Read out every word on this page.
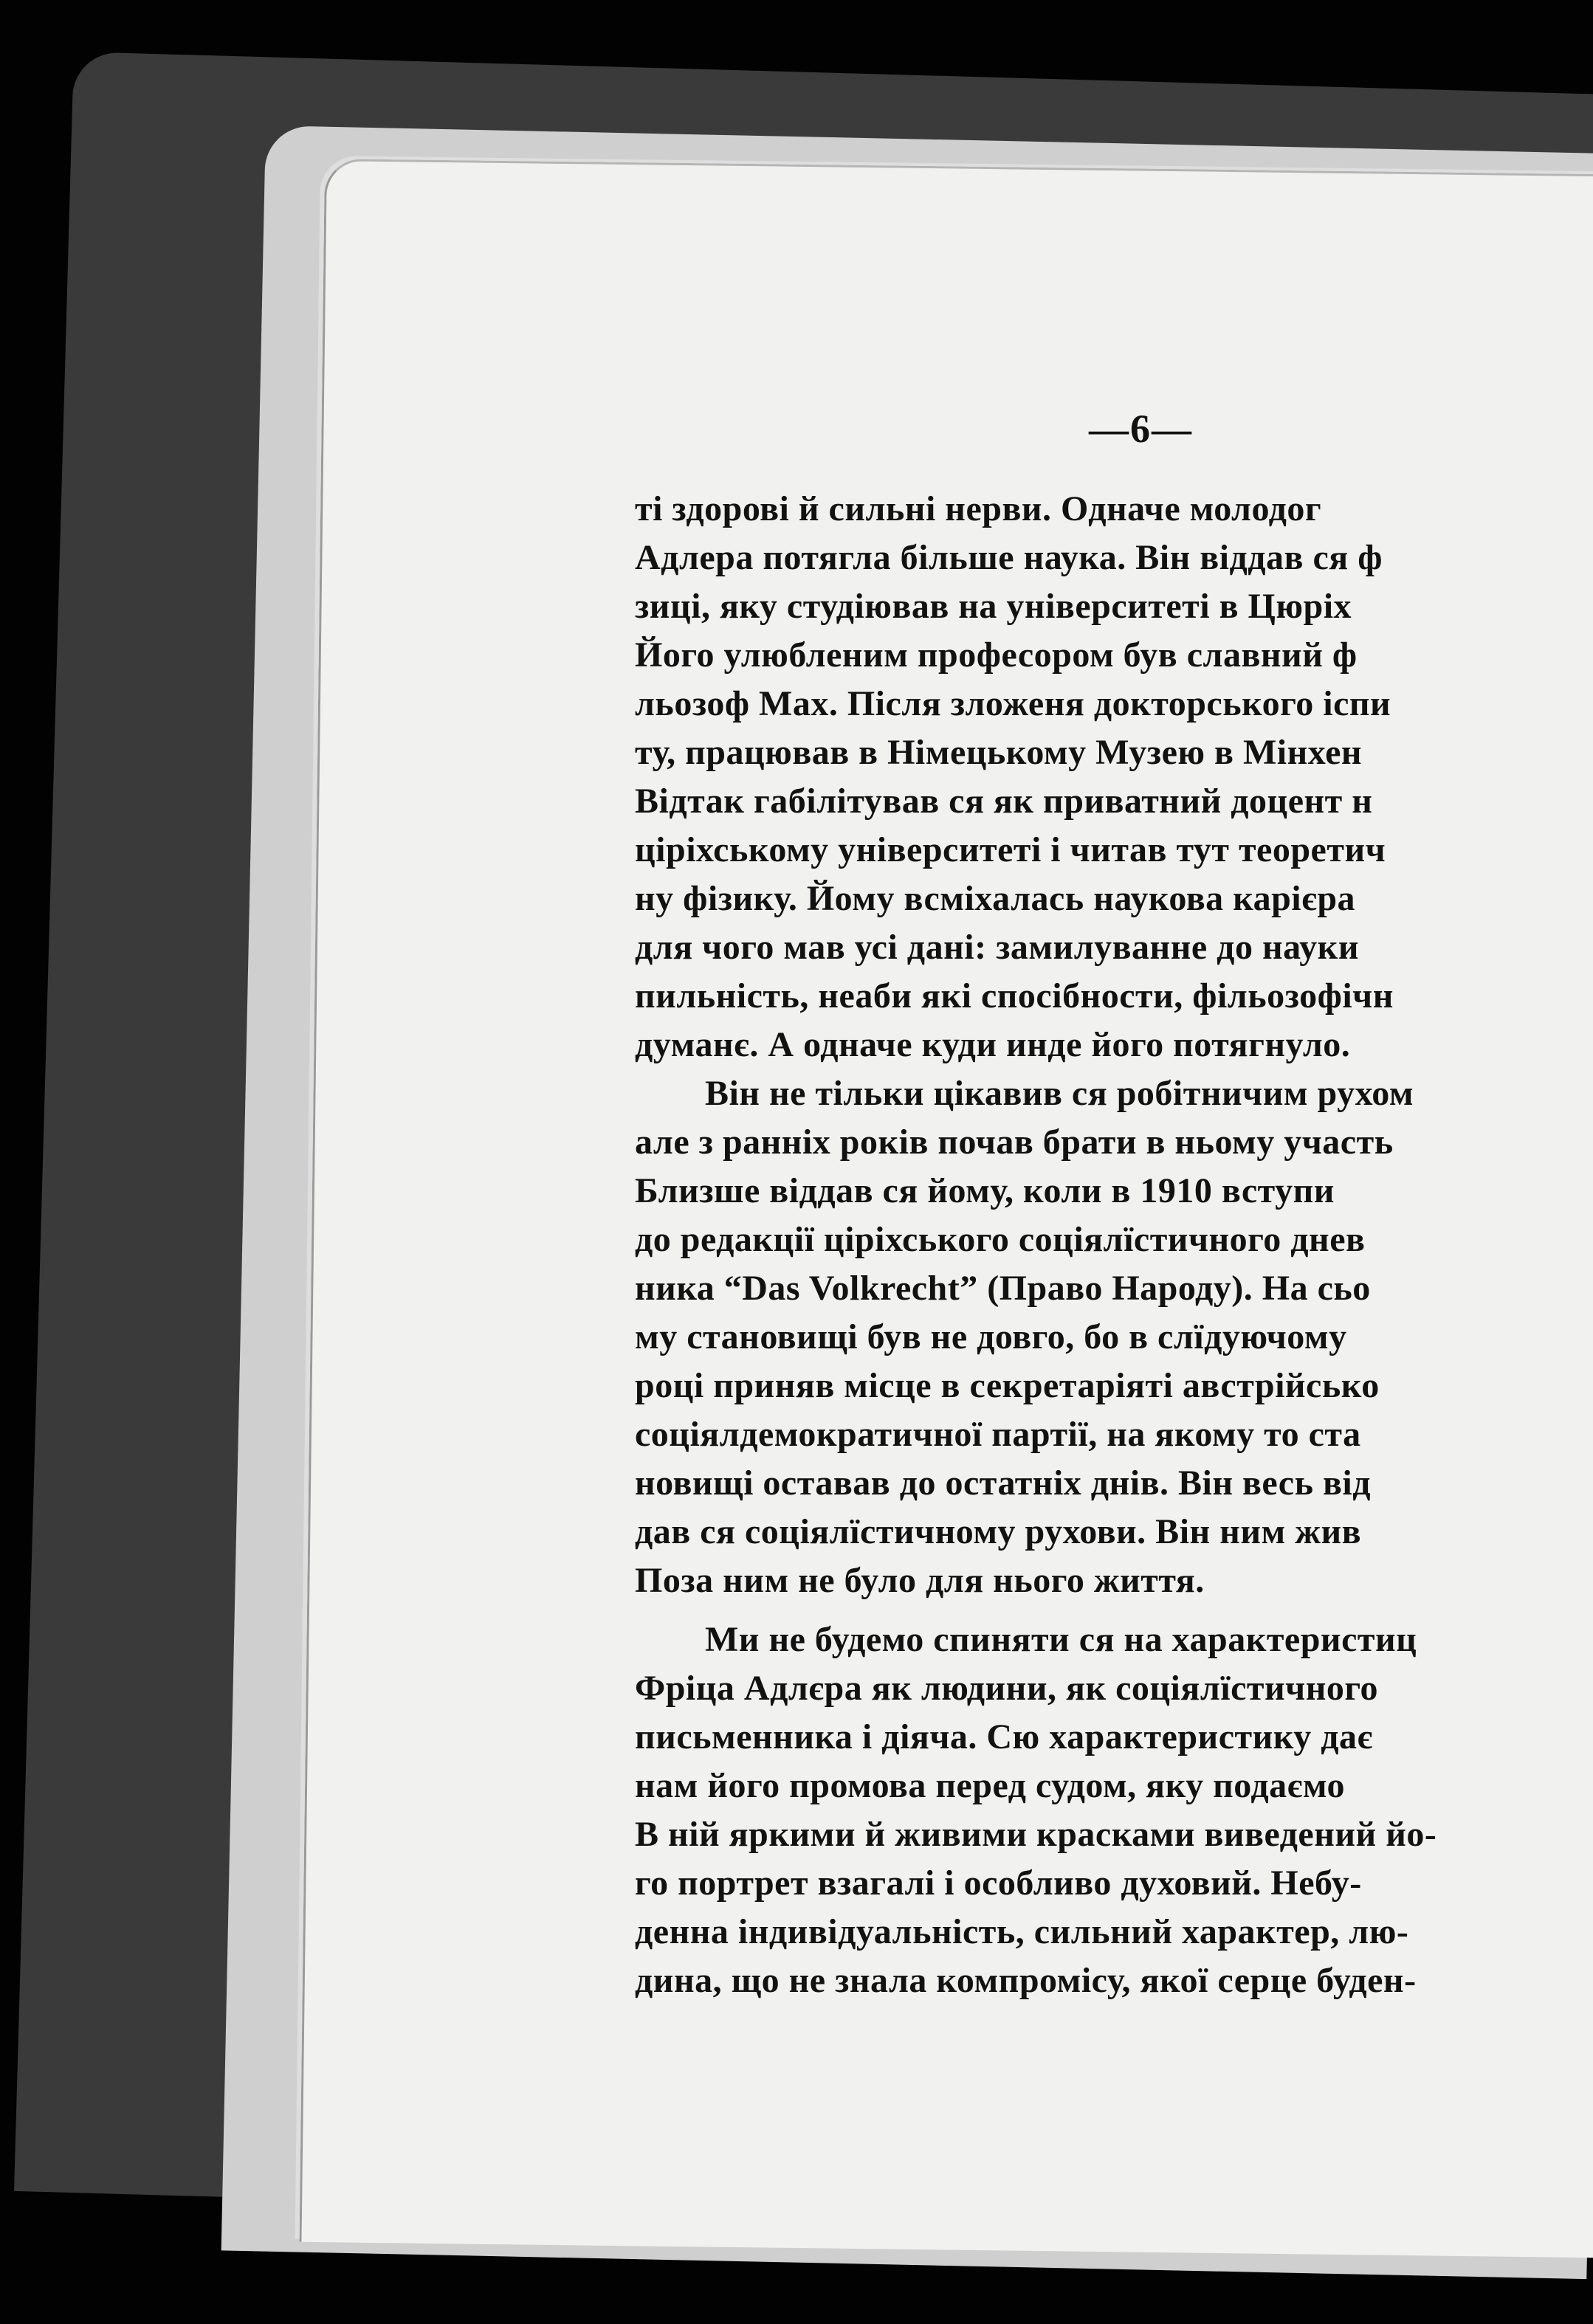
—6—
ті здорові й сильні нерви. Одначе молодог
Адлера потягла більше наука. Він віддав ся ф
зиці, яку студіював на університеті в Цюріх
Його улюбленим професором був славний ф
льозоф Мах. Після зложеня докторського іспи
ту, працював в Німецькому Музею в Мінхен
Відтак габілітував ся як приватний доцент н
ціріхському університеті і читав тут теоретич
ну фізику. Йому всміхалась наукова карієра
для чого мав усі дані: замилуванне до науки
пильність, неаби які спосібности, фільозофічн
думанє. А одначе куди инде його потягнуло.
Він не тільки цікавив ся робітничим рухом
але з ранніх років почав брати в ньому участь
Близше віддав ся йому, коли в 1910 вступи
до редакції ціріхського соціялїстичного днев
ника “Das Volkrecht” (Право Народу). На сьо
му становищі був не довго, бо в слїдуючому
році приняв місце в секретаріяті австрійсько
соціялдемократичної партії, на якому то ста
новищі оставав до остатніх днів. Він весь від
дав ся соціялїстичному рухови. Він ним жив
Поза ним не було для нього життя.
Ми не будемо спиняти ся на характеристиц
Фріца Адлєра як людини, як соціялїстичного
письменника і діяча. Сю характеристику дає
нам його промова перед судом, яку подаємо
В ній яркими й живими красками виведений йо-
го портрет взагалі і особливо духовий. Небу-
денна індивідуальність, сильний характер, лю-
дина, що не знала компромісу, якої серце буден-
